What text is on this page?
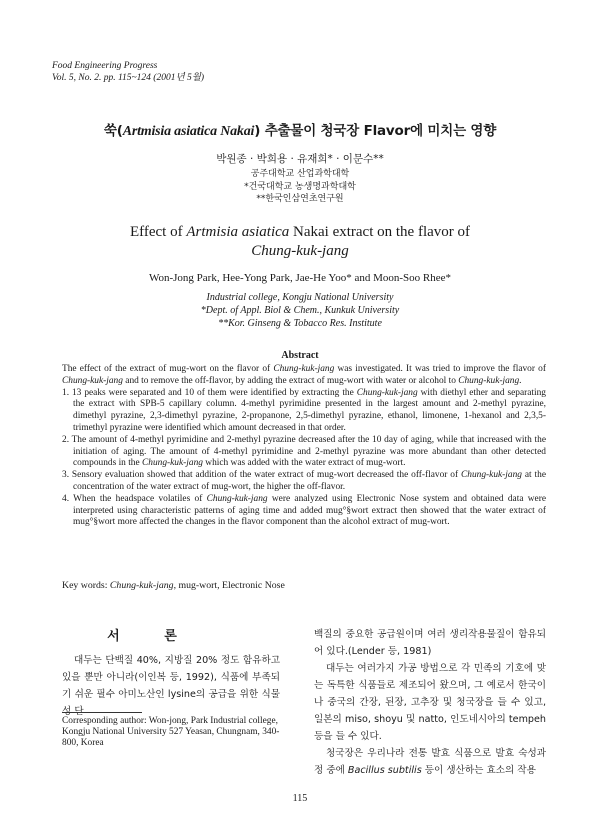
Food Engineering Progress
Vol. 5, No. 2. pp. 115~124 (2001년 5월)
쑥(Artmisia asiatica Nakai) 추출물이 청국장 Flavor에 미치는 영향
박원종 · 박희용 · 유재희* · 이문수**
공주대학교 산업과학대학
*건국대학교 농생명과학대학
**한국인삼연초연구원
Effect of Artmisia asiatica Nakai extract on the flavor of
Chung-kuk-jang
Won-Jong Park, Hee-Yong Park, Jae-He Yoo* and Moon-Soo Rhee*
Industrial college, Kongju National University
*Dept. of Appl. Biol & Chem., Kunkuk University
**Kor. Ginseng & Tobacco Res. Institute
Abstract

The effect of the extract of mug-wort on the flavor of Chung-kuk-jang was investigated. It was tried to improve the flavor of Chung-kuk-jang and to remove the off-flavor, by adding the extract of mug-wort with water or alcohol to Chung-kuk-jang.

1. 13 peaks were separated and 10 of them were identified by extracting the Chung-kuk-jang with diethyl ether and separating the extract with SPB-5 capillary column. 4-methyl pyrimidine presented in the largest amount and 2-methyl pyrazine, dimethyl pyrazine, 2,3-dimethyl pyrazine, 2-propanone, 2,5-dimethyl pyrazine, ethanol, limonene, 1-hexanol and 2,3,5-trimethyl pyrazine were identified which amount decreased in that order.
2. The amount of 4-methyl pyrimidine and 2-methyl pyrazine decreased after the 10 day of aging, while that increased with the initiation of aging. The amount of 4-methyl pyrimidine and 2-methyl pyrazine was more abundant than other detected compounds in the Chung-kuk-jang which was added with the water extract of mug-wort.
3. Sensory evaluation showed that addition of the water extract of mug-wort decreased the off-flavor of Chung-kuk-jang at the concentration of the water extract of mug-wort, the higher the off-flavor.
4. When the headspace volatiles of Chung-kuk-jang were analyzed using Electronic Nose system and obtained data were interpreted using characteristic patterns of aging time and added mug°§wort extract then showed that the water extract of mug°§wort more affected the changes in the flavor component than the alcohol extract of mug-wort.
Key words: Chung-kuk-jang, mug-wort, Electronic Nose
서 론

대두는 단백질 40%, 지방질 20% 정도 함유하고 있을 뿐만 아니라(이인복 등, 1992), 식품에 부족되기 쉬운 필수 아미노산인 lysine의 공급을 위한 식물성 단

Corresponding author: Won-jong, Park Industrial college, Kongju National University 527 Yeasan, Chungnam, 340-800, Korea

백질의 중요한 공급원이며 여러 생리작용물질이 함유되어 있다.(Lender 등, 1981)

대두는 여러가지 가공 방법으로 각 민족의 기호에 맞는 독특한 식품들로 제조되어 왔으며, 그 예로서 한국이나 중국의 간장, 된장, 고추장 및 청국장을 들 수 있고, 일본의 miso, shoyu 및 natto, 인도네시아의 tempeh 등을 들 수 있다.

청국장은 우리나라 전통 발효 식품으로 발효 숙성과정 중에 Bacillus subtilis 등이 생산하는 효소의 작용

115
